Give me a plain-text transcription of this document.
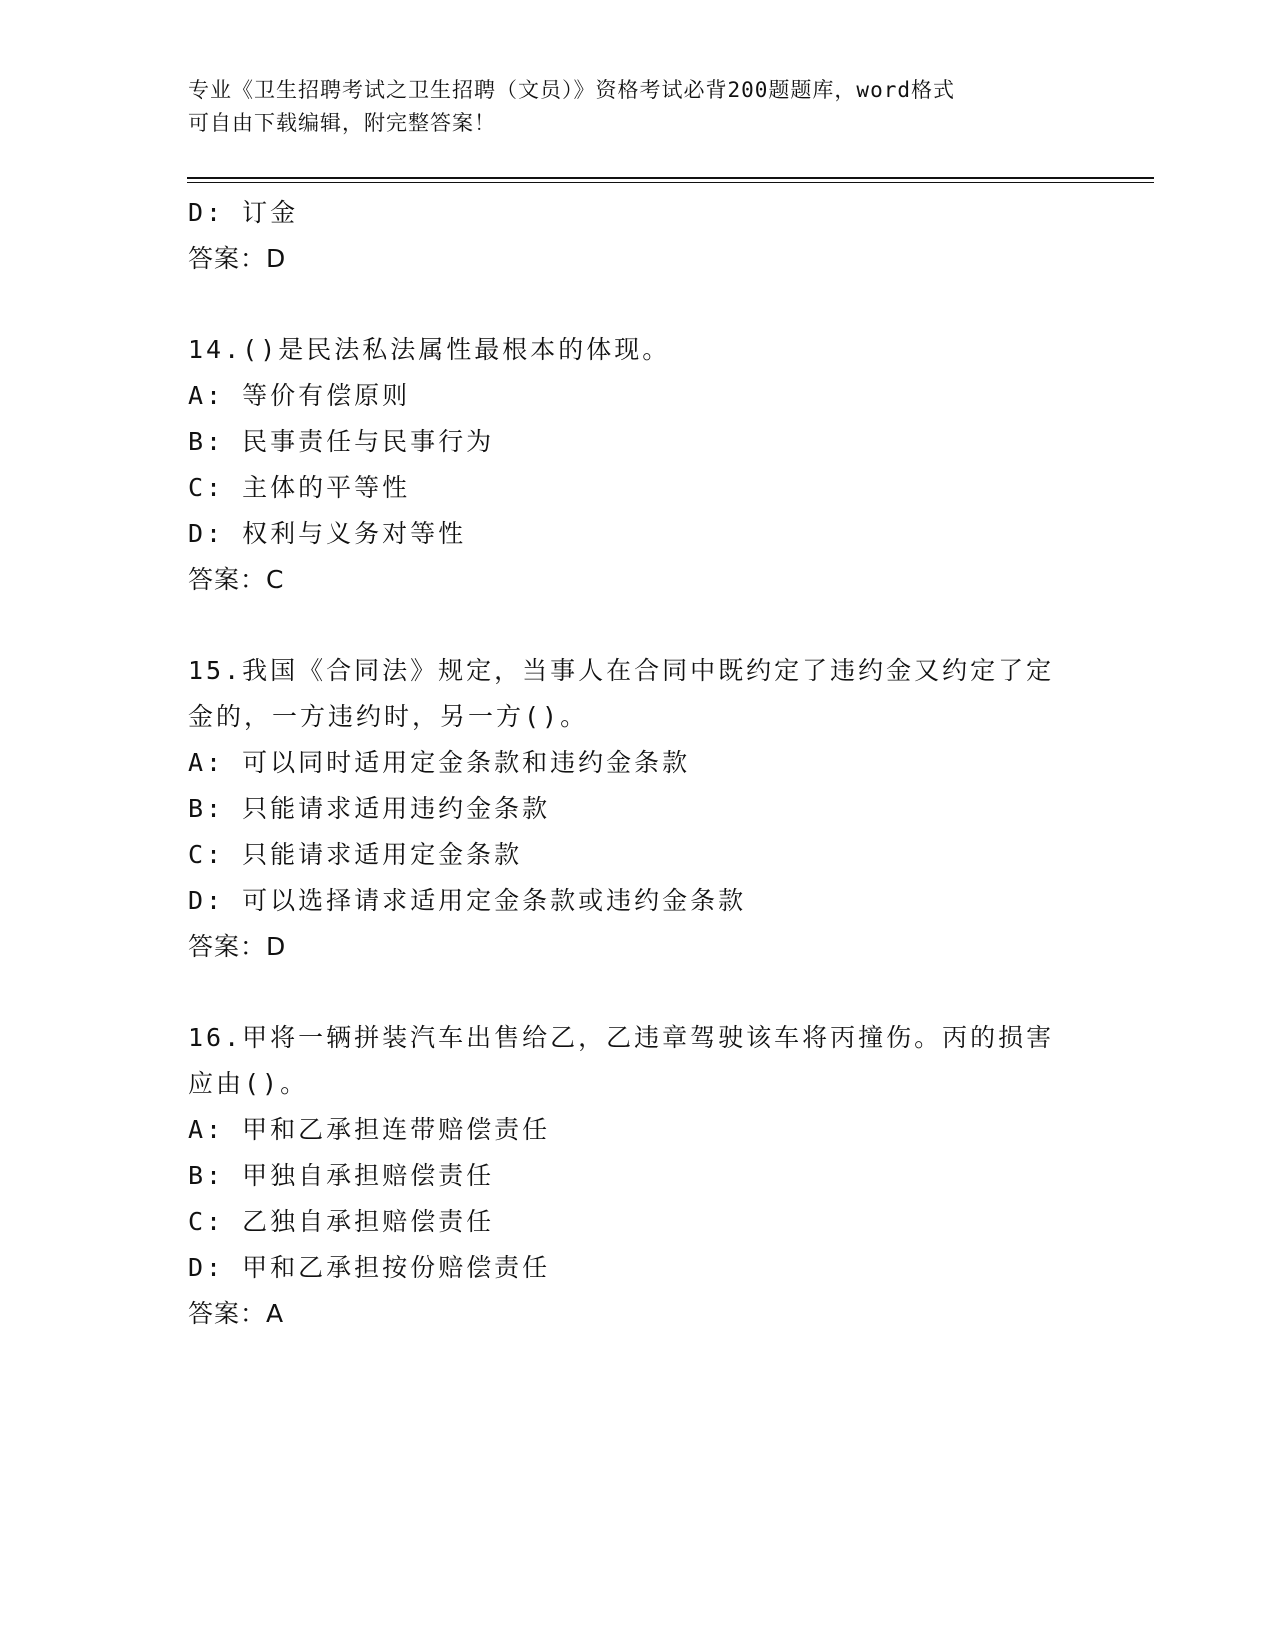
专业《卫生招聘考试之卫生招聘（文员）》资格考试必背200题题库，word格式
可自由下载编辑，附完整答案！
D: 订金
答案：D
14.()是民法私法属性最根本的体现。
A: 等价有偿原则
B: 民事责任与民事行为
C: 主体的平等性
D: 权利与义务对等性
答案：C
15.我国《合同法》规定，当事人在合同中既约定了违约金又约定了定
金的，一方违约时，另一方()。
A: 可以同时适用定金条款和违约金条款
B: 只能请求适用违约金条款
C: 只能请求适用定金条款
D: 可以选择请求适用定金条款或违约金条款
答案：D
16.甲将一辆拼装汽车出售给乙，乙违章驾驶该车将丙撞伤。丙的损害
应由()。
A: 甲和乙承担连带赔偿责任
B: 甲独自承担赔偿责任
C: 乙独自承担赔偿责任
D: 甲和乙承担按份赔偿责任
答案：A
